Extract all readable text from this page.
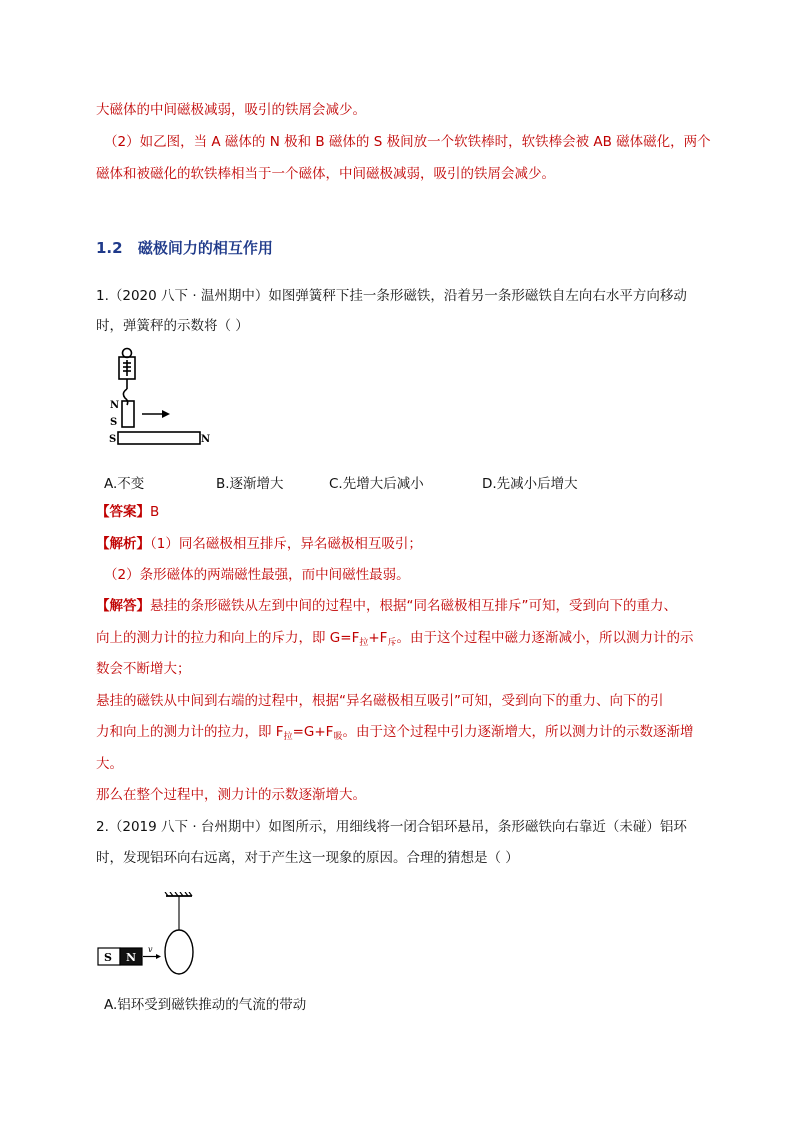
大磁体的中间磁极减弱，吸引的铁屑会减少。
（2）如乙图，当 A 磁体的 N 极和 B 磁体的 S 极间放一个软铁棒时，软铁棒会被 AB 磁体磁化，两个
磁体和被磁化的软铁棒相当于一个磁体，中间磁极减弱，吸引的铁屑会减少。
1.2 磁极间力的相互作用
1.（2020 八下 · 温州期中）如图弹簧秤下挂一条形磁铁，沿着另一条形磁铁自左向右水平方向移动
时，弹簧秤的示数将（ ）
N
S
S	N
A.不变	B.逐渐增大	C.先增大后减小	D.先减小后增大
【答案】B
【解析】（1）同名磁极相互排斥，异名磁极相互吸引；
（2）条形磁体的两端磁性最强，而中间磁性最弱。
【解答】悬挂的条形磁铁从左到中间的过程中，根据“同名磁极相互排斥”可知，受到向下的重力、
向上的测力计的拉力和向上的斥力，即 $G=F_拉+F_斥$。由于这个过程中磁力逐渐减小，所以测力计的示
数会不断增大；
悬挂的磁铁从中间到右端的过程中，根据“异名磁极相互吸引”可知，受到向下的重力、向下的引
力和向上的测力计的拉力，即 $F_拉=G+F_吸$。由于这个过程中引力逐渐增大，所以测力计的示数逐渐增
大。
那么在整个过程中，测力计的示数逐渐增大。
2.（2019 八下 · 台州期中）如图所示，用细线将一闭合铝环悬吊，条形磁铁向右靠近（未碰）铝环
时，发现铝环向右远离，对于产生这一现象的原因。合理的猜想是（ ）
S N
v
A.铝环受到磁铁推动的气流的带动
